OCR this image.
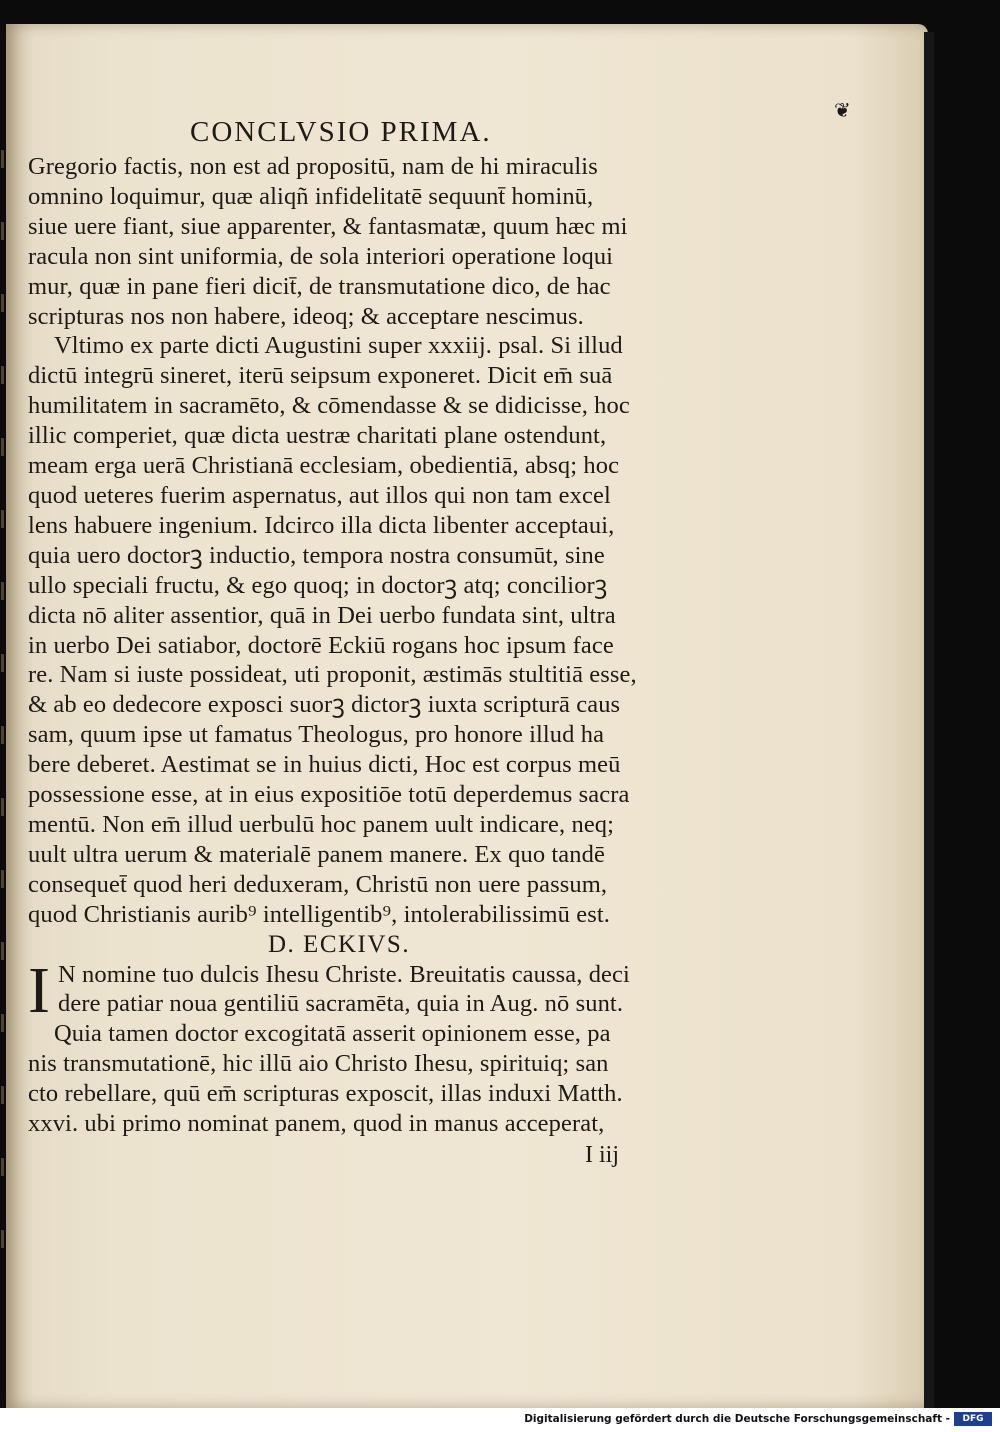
❦
CONCLVSIO PRIMA.
Gregorio factis, non est ad propositū, nam de hi miraculis
omnino loquimur, quæ aliqñ infidelitatē sequunt̄ hominū,
siue uere fiant, siue apparenter, & fantasmatæ, quum hæc mi
racula non sint uniformia, de sola interiori operatione loqui
mur, quæ in pane fieri dicit̄, de transmutatione dico, de hac
scripturas nos non habere, ideoq; & acceptare nescimus.
Vltimo ex parte dicti Augustini super xxxiij. psal. Si illud
dictū integrū sineret, iterū seipsum exponeret. Dicit em̄ suā
humilitatem in sacramēto, & cōmendasse & se didicisse, hoc
illic comperiet, quæ dicta uestræ charitati plane ostendunt,
meam erga uerā Christianā ecclesiam, obedientiā, absq; hoc
quod ueteres fuerim aspernatus, aut illos qui non tam excel
lens habuere ingenium. Idcirco illa dicta libenter acceptaui,
quia uero doctorꝫ inductio, tempora nostra consumūt, sine
ullo speciali fructu, & ego quoq; in doctorꝫ atq; conciliorꝫ
dicta nō aliter assentior, quā in Dei uerbo fundata sint, ultra
in uerbo Dei satiabor, doctorē Eckiū rogans hoc ipsum face
re. Nam si iuste possideat, uti proponit, æstimās stultitiā esse,
& ab eo dedecore exposci suorꝫ dictorꝫ iuxta scripturā caus
sam, quum ipse ut famatus Theologus, pro honore illud ha
bere deberet. Aestimat se in huius dicti, Hoc est corpus meū
possessione esse, at in eius expositiōe totū deperdemus sacra
mentū. Non em̄ illud uerbulū hoc panem uult indicare, neq;
uult ultra uerum & materialē panem manere. Ex quo tandē
consequet̄ quod heri deduxeram, Christū non uere passum,
quod Christianis aurib⁹ intelligentib⁹, intolerabilissimū est.
D. ECKIVS.
I N nomine tuo dulcis Ihesu Christe. Breuitatis caussa, deci
dere patiar noua gentiliū sacramēta, quia in Aug. nō sunt.
Quia tamen doctor excogitatā asserit opinionem esse, pa
nis transmutationē, hic illū aio Christo Ihesu, spirituiq; san
cto rebellare, quū em̄ scripturas exposcit, illas induxi Matth.
xxvi. ubi primo nominat panem, quod in manus acceperat,
I iij
Digitalisierung gefördert durch die Deutsche Forschungsgemeinschaft -	DFG
